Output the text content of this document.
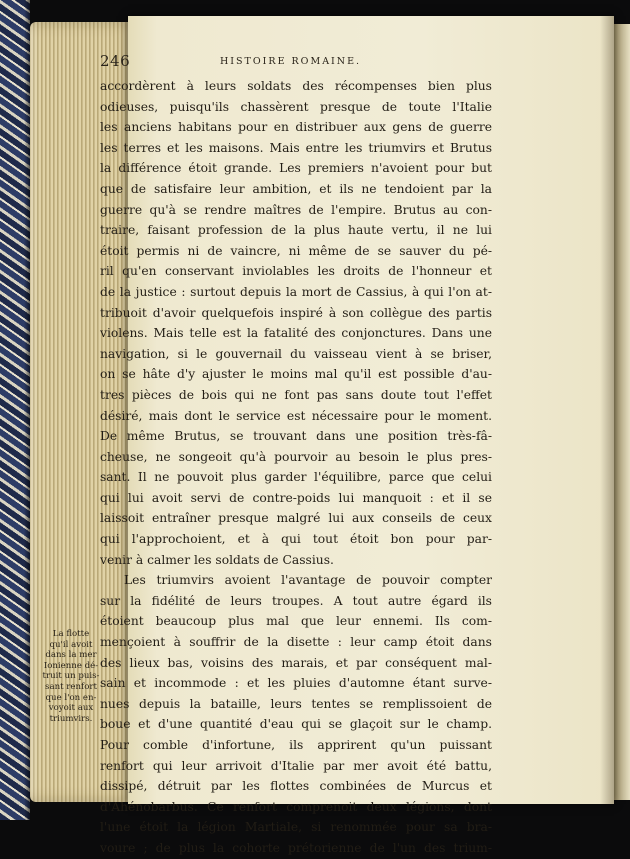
246	HISTOIRE ROMAINE.
accordèrent à leurs soldats des récompenses bien plus
odieuses, puisqu'ils chassèrent presque de toute l'Italie
les anciens habitans pour en distribuer aux gens de guerre
les terres et les maisons. Mais entre les triumvirs et Brutus
la différence étoit grande. Les premiers n'avoient pour but
que de satisfaire leur ambition, et ils ne tendoient par la
guerre qu'à se rendre maîtres de l'empire. Brutus au con-
traire, faisant profession de la plus haute vertu, il ne lui
étoit permis ni de vaincre, ni même de se sauver du pé-
ril qu'en conservant inviolables les droits de l'honneur et
de la justice : surtout depuis la mort de Cassius, à qui l'on at-
tribuoit d'avoir quelquefois inspiré à son collègue des partis
violens. Mais telle est la fatalité des conjonctures. Dans une
navigation, si le gouvernail du vaisseau vient à se briser,
on se hâte d'y ajuster le moins mal qu'il est possible d'au-
tres pièces de bois qui ne font pas sans doute tout l'effet
désiré, mais dont le service est nécessaire pour le moment.
De même Brutus, se trouvant dans une position très-fâ-
cheuse, ne songeoit qu'à pourvoir au besoin le plus pres-
sant. Il ne pouvoit plus garder l'équilibre, parce que celui
qui lui avoit servi de contre-poids lui manquoit : et il se
laissoit entraîner presque malgré lui aux conseils de ceux
qui l'approchoient, et à qui tout étoit bon pour par-
venir à calmer les soldats de Cassius.
Les triumvirs avoient l'avantage de pouvoir compter
sur la fidélité de leurs troupes. A tout autre égard ils
étoient beaucoup plus mal que leur ennemi. Ils com-
mençoient à souffrir de la disette : leur camp étoit dans
des lieux bas, voisins des marais, et par conséquent mal-
sain et incommode : et les pluies d'automne étant surve-
nues depuis la bataille, leurs tentes se remplissoient de
boue et d'une quantité d'eau qui se glaçoit sur le champ.
Pour comble d'infortune, ils apprirent qu'un puissant
renfort qui leur arrivoit d'Italie par mer avoit été battu,
dissipé, détruit par les flottes combinées de Murcus et
d'Ahénobarbus. Ce renfort comprenoit deux légions, dont
l'une étoit la légion Martiale, si renommée pour sa bra-
voure ; de plus la cohorte prétorienne de l'un des trium-
La flotte
qu'il avoit
dans la mer
Ionienne dé-
truit un puis-
sant renfort
que l'on en-
voyoit aux
triumvirs.
